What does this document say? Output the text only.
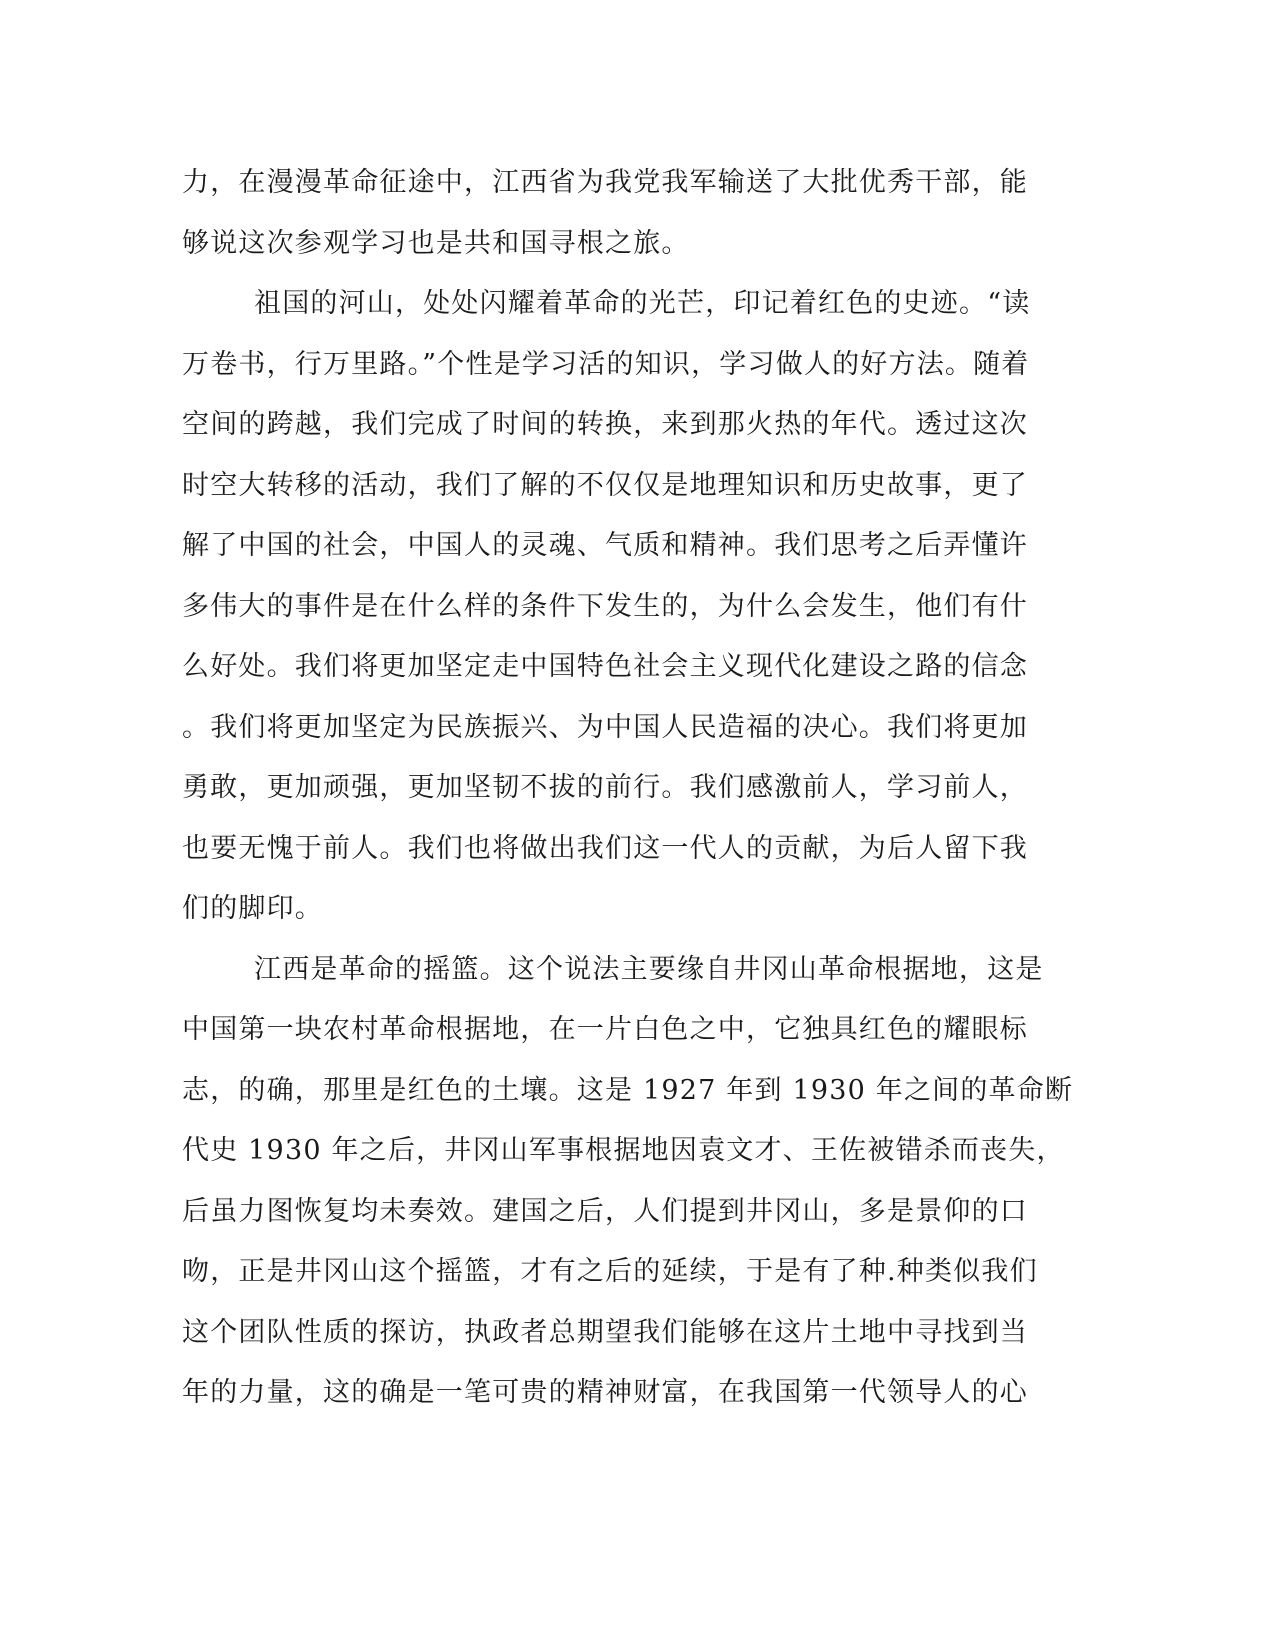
力，在漫漫革命征途中，江西省为我党我军输送了大批优秀干部，能
够说这次参观学习也是共和国寻根之旅。
祖国的河山，处处闪耀着革命的光芒，印记着红色的史迹。“读
万卷书，行万里路。”个性是学习活的知识，学习做人的好方法。随着
空间的跨越，我们完成了时间的转换，来到那火热的年代。透过这次
时空大转移的活动，我们了解的不仅仅是地理知识和历史故事，更了
解了中国的社会，中国人的灵魂、气质和精神。我们思考之后弄懂许
多伟大的事件是在什么样的条件下发生的，为什么会发生，他们有什
么好处。我们将更加坚定走中国特色社会主义现代化建设之路的信念
。我们将更加坚定为民族振兴、为中国人民造福的决心。我们将更加
勇敢，更加顽强，更加坚韧不拔的前行。我们感激前人，学习前人，
也要无愧于前人。我们也将做出我们这一代人的贡献，为后人留下我
们的脚印。
江西是革命的摇篮。这个说法主要缘自井冈山革命根据地，这是
中国第一块农村革命根据地，在一片白色之中，它独具红色的耀眼标
志，的确，那里是红色的土壤。这是 1927 年到 1930 年之间的革命断
代史 1930 年之后，井冈山军事根据地因袁文才、王佐被错杀而丧失，
后虽力图恢复均未奏效。建国之后，人们提到井冈山，多是景仰的口
吻，正是井冈山这个摇篮，才有之后的延续，于是有了种.种类似我们
这个团队性质的探访，执政者总期望我们能够在这片土地中寻找到当
年的力量，这的确是一笔可贵的精神财富，在我国第一代领导人的心
